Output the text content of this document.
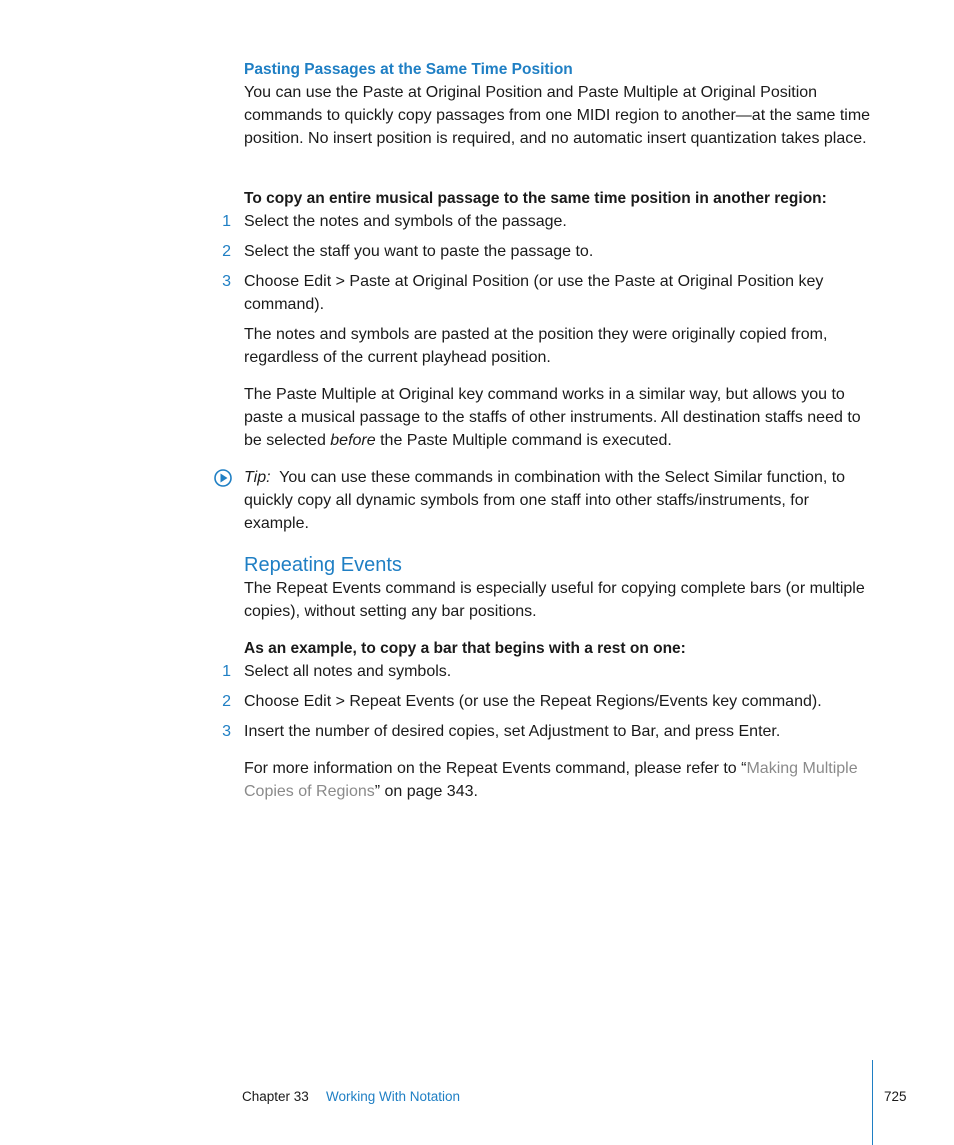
Pasting Passages at the Same Time Position
You can use the Paste at Original Position and Paste Multiple at Original Position commands to quickly copy passages from one MIDI region to another—at the same time position. No insert position is required, and no automatic insert quantization takes place.
To copy an entire musical passage to the same time position in another region:
1 Select the notes and symbols of the passage.
2 Select the staff you want to paste the passage to.
3 Choose Edit > Paste at Original Position (or use the Paste at Original Position key command).
The notes and symbols are pasted at the position they were originally copied from, regardless of the current playhead position.
The Paste Multiple at Original key command works in a similar way, but allows you to paste a musical passage to the staffs of other instruments. All destination staffs need to be selected before the Paste Multiple command is executed.
Tip: You can use these commands in combination with the Select Similar function, to quickly copy all dynamic symbols from one staff into other staffs/instruments, for example.
Repeating Events
The Repeat Events command is especially useful for copying complete bars (or multiple copies), without setting any bar positions.
As an example, to copy a bar that begins with a rest on one:
1 Select all notes and symbols.
2 Choose Edit > Repeat Events (or use the Repeat Regions/Events key command).
3 Insert the number of desired copies, set Adjustment to Bar, and press Enter.
For more information on the Repeat Events command, please refer to “Making Multiple Copies of Regions” on page 343.
Chapter 33 Working With Notation	725
